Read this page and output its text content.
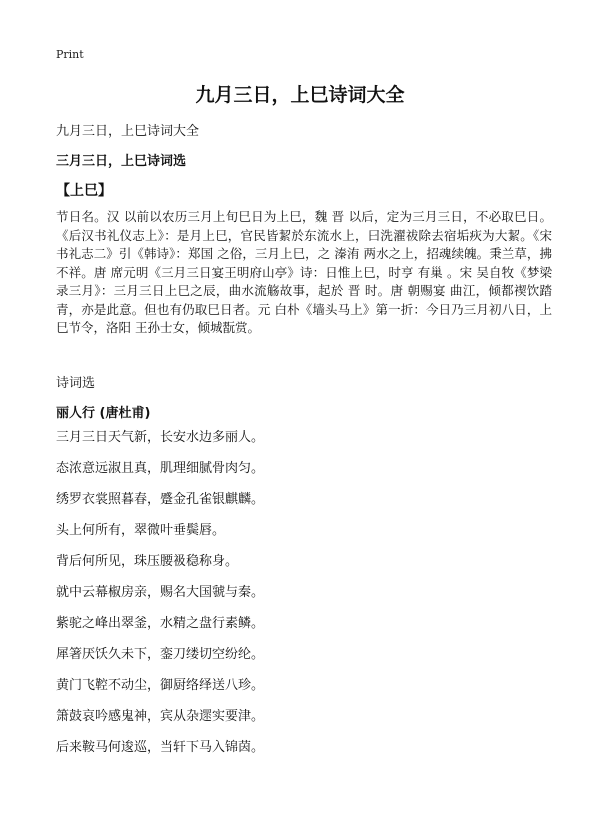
Print
九月三日，上巳诗词大全
九月三日，上巳诗词大全
三月三日，上巳诗词选
【上巳】
节日名。汉 以前以农历三月上旬巳日为上巳，魏 晋 以后，定为三月三日，不必取巳日。《后汉书礼仪志上》：是月上巳，官民皆絜於东流水上，曰洗濯祓除去宿垢疢为大絜。《宋书礼志二》引《韩诗》：郑国 之俗，三月上巳，之 溱洧 两水之上，招魂续魄。秉兰草，拂不祥。唐 席元明《三月三日宴王明府山亭》诗：日惟上巳，时亨 有巢 。宋 吴自牧《梦梁录三月》：三月三日上巳之辰，曲水流觞故事，起於 晋 时。唐 朝赐宴 曲江，倾都禊饮踏青，亦是此意。但也有仍取巳日者。元 白朴《墙头马上》第一折：今日乃三月初八日，上巳节令，洛阳 王孙士女，倾城翫赏。
诗词选
丽人行 (唐杜甫)
三月三日天气新，长安水边多丽人。
态浓意远淑且真，肌理细腻骨肉匀。
绣罗衣裳照暮春，蹙金孔雀银麒麟。
头上何所有，翠微叶垂鬓唇。
背后何所见，珠压腰衱稳称身。
就中云幕椒房亲，赐名大国虢与秦。
紫驼之峰出翠釜，水精之盘行素鳞。
犀箸厌饫久未下，銮刀缕切空纷纶。
黄门飞鞚不动尘，御厨络绎送八珍。
箫鼓哀吟感鬼神，宾从杂遝实要津。
后来鞍马何逡巡，当轩下马入锦茵。
